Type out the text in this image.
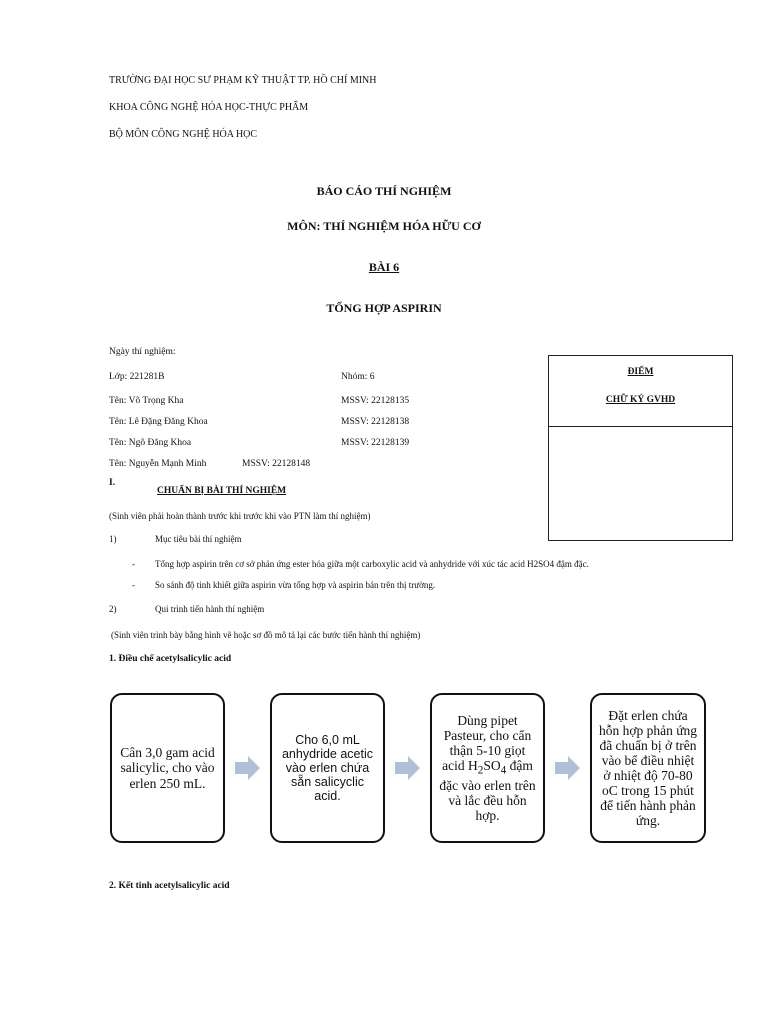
TRƯỜNG ĐẠI HỌC SƯ PHẠM KỸ THUẬT TP. HỒ CHÍ MINH
KHOA CÔNG NGHỆ HÓA HỌC-THỰC PHẨM
BỘ MÔN CÔNG NGHỆ HÓA HỌC
BÁO CÁO THÍ NGHIỆM
MÔN: THÍ NGHIỆM HÓA HỮU CƠ
BÀI 6
TỔNG HỢP ASPIRIN
Ngày thí nghiệm:
Lớp: 221281B	Nhóm: 6
Tên: Võ Trọng Kha	MSSV: 22128135
Tên: Lê Đặng Đăng Khoa	MSSV: 22128138
Tên: Ngô Đăng Khoa	MSSV: 22128139
Tên: Nguyễn Mạnh Minh	MSSV: 22128148
ĐIỂM
CHỮ KÝ GVHD
I.
CHUẨN BỊ BÀI THÍ NGHIỆM
(Sinh viên phải hoàn thành trước khi trước khi vào PTN làm thí nghiệm)
1)	Mục tiêu bài thí nghiệm
- Tổng hợp aspirin trên cơ sở phản ứng ester hóa giữa một carboxylic acid và anhydride với xúc tác acid H2SO4 đậm đặc.
- So sánh độ tinh khiết giữa aspirin vừa tổng hợp và aspirin bán trên thị trường.
2)	Qui trình tiến hành thí nghiệm
(Sinh viên trình bày bằng hình vẽ hoặc sơ đồ mô tả lại các bước tiến hành thí nghiệm)
1. Điều chế acetylsalicylic acid
Cân 3,0 gam acid salicylic, cho vào erlen 250 mL.
Cho 6,0 mL anhydride acetic vào erlen chứa sẵn salicyclic acid.
Dùng pipet Pasteur, cho cẩn thận 5-10 giọt acid $H_2SO_4$ đậm đặc vào erlen trên và lắc đều hỗn hợp.
Đặt erlen chứa hỗn hợp phản ứng đã chuẩn bị ở trên vào bể điều nhiệt ở nhiệt độ 70-80 oC trong 15 phút để tiến hành phản ứng.
2. Kết tinh acetylsalicylic acid
